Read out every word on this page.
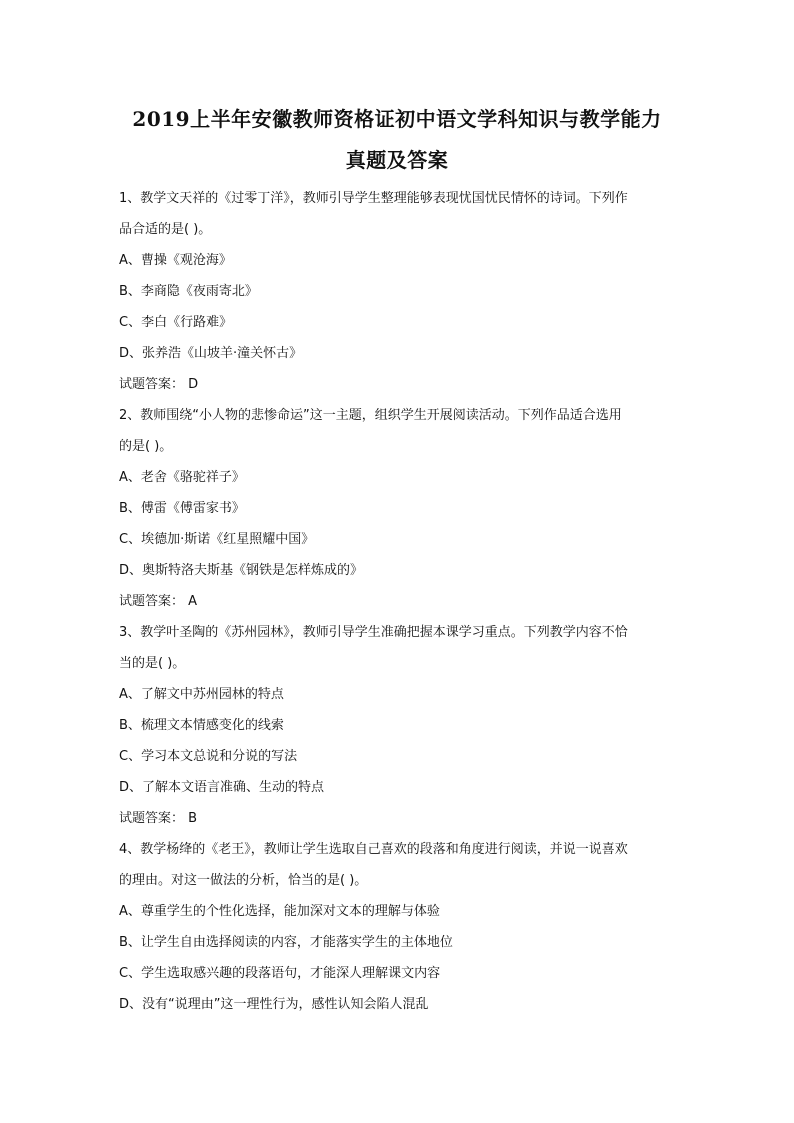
2019上半年安徽教师资格证初中语文学科知识与教学能力
真题及答案
1、教学文天祥的《过零丁洋》，教师引导学生整理能够表现忧国忧民情怀的诗词。下列作
品合适的是( )。
A、曹操《观沧海》
B、李商隐《夜雨寄北》
C、李白《行路难》
D、张养浩《山坡羊·潼关怀古》
试题答案： D
2、教师围绕“小人物的悲惨命运”这一主题，组织学生开展阅读活动。下列作品适合选用
的是( )。
A、老舍《骆驼祥子》
B、傅雷《傅雷家书》
C、埃德加·斯诺《红星照耀中国》
D、奥斯特洛夫斯基《钢铁是怎样炼成的》
试题答案： A
3、教学叶圣陶的《苏州园林》，教师引导学生准确把握本课学习重点。下列教学内容不恰
当的是( )。
A、了解文中苏州园林的特点
B、梳理文本情感变化的线索
C、学习本文总说和分说的写法
D、了解本文语言准确、生动的特点
试题答案： B
4、教学杨绛的《老王》，教师让学生选取自己喜欢的段落和角度进行阅读，并说一说喜欢
的理由。对这一做法的分析，恰当的是( )。
A、尊重学生的个性化选择，能加深对文本的理解与体验
B、让学生自由选择阅读的内容，才能落实学生的主体地位
C、学生选取感兴趣的段落语句，才能深人理解课文内容
D、没有“说理由”这一理性行为，感性认知会陷人混乱
